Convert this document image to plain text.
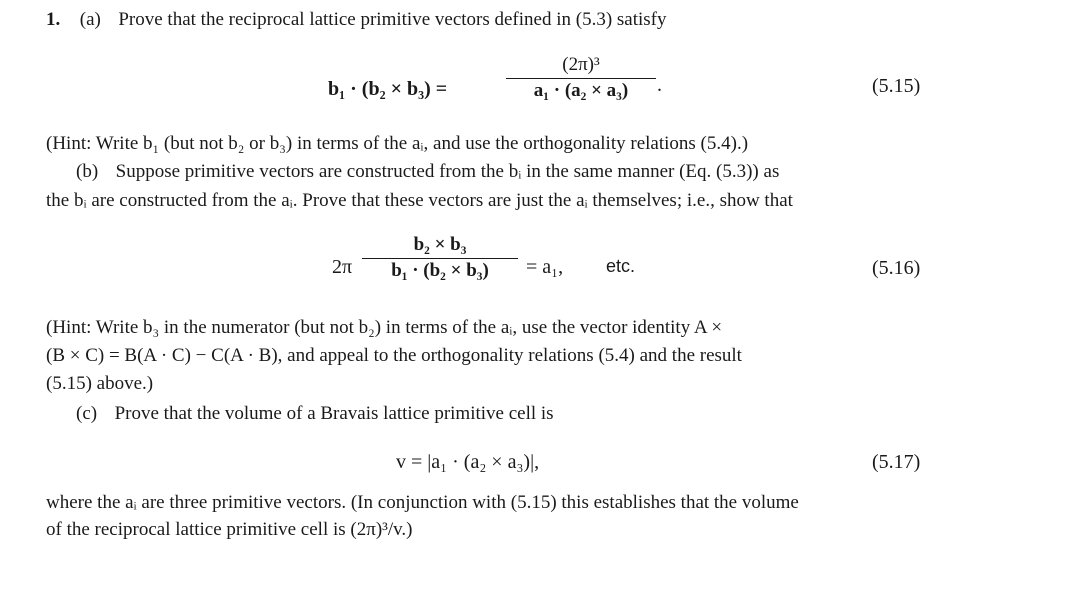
1. (a) Prove that the reciprocal lattice primitive vectors defined in (5.3) satisfy
b₁ · (b₂ × b₃) =
(2π)³
a₁ · (a₂ × a₃)	.	(5.15)
(Hint: Write b₁ (but not b₂ or b₃) in terms of the aᵢ, and use the orthogonality relations (5.4).)
(b) Suppose primitive vectors are constructed from the bᵢ in the same manner (Eq. (5.3)) as
the bᵢ are constructed from the aᵢ. Prove that these vectors are just the aᵢ themselves; i.e., show that
2π
b₂ × b₃
b₁ · (b₂ × b₃)	= a₁, etc.	(5.16)
(Hint: Write b₃ in the numerator (but not b₂) in terms of the aᵢ, use the vector identity A ×
(B × C) = B(A · C) − C(A · B), and appeal to the orthogonality relations (5.4) and the result
(5.15) above.)
(c) Prove that the volume of a Bravais lattice primitive cell is
v = |a₁ · (a₂ × a₃)|,	(5.17)
where the aᵢ are three primitive vectors. (In conjunction with (5.15) this establishes that the volume
of the reciprocal lattice primitive cell is (2π)³/v.)
